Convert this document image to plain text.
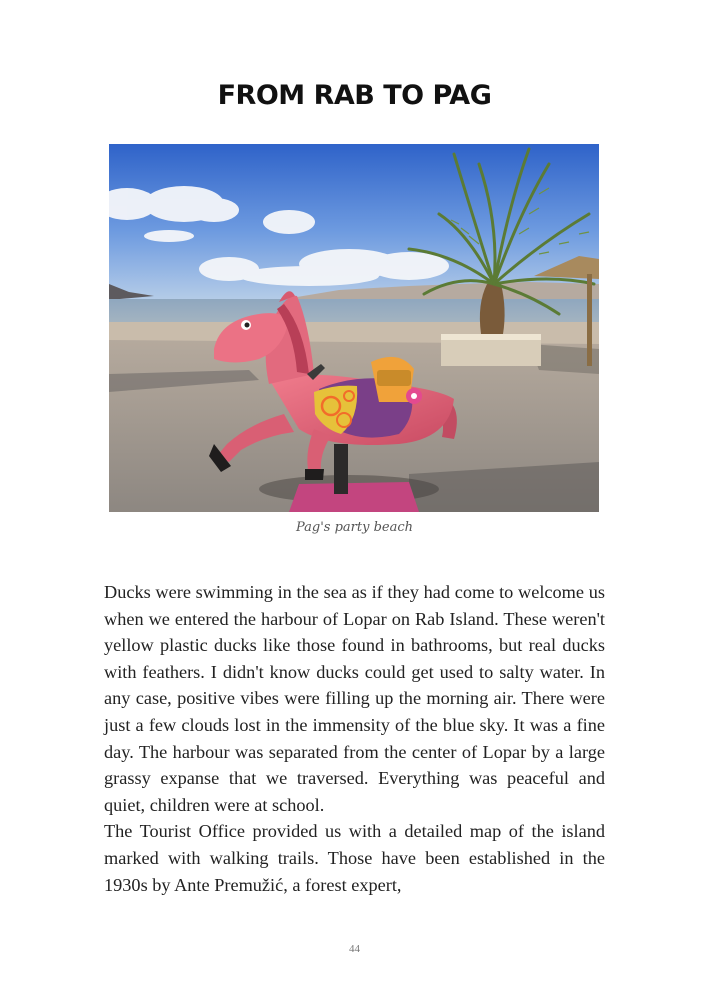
FROM RAB TO PAG
Pag's party beach

Ducks were swimming in the sea as if they had come to welcome us when we entered the harbour of Lopar on Rab Island. These weren't yellow plastic ducks like those found in bathrooms, but real ducks with feathers. I didn't know ducks could get used to salty water. In any case, positive vibes were filling up the morning air. There were just a few clouds lost in the immensity of the blue sky. It was a fine day. The harbour was separated from the center of Lopar by a large grassy expanse that we traversed. Everything was peaceful and quiet, children were at school.

The Tourist Office provided us with a detailed map of the island marked with walking trails. Those have been established in the 1930s by Ante Premužić, a forest expert,

44
